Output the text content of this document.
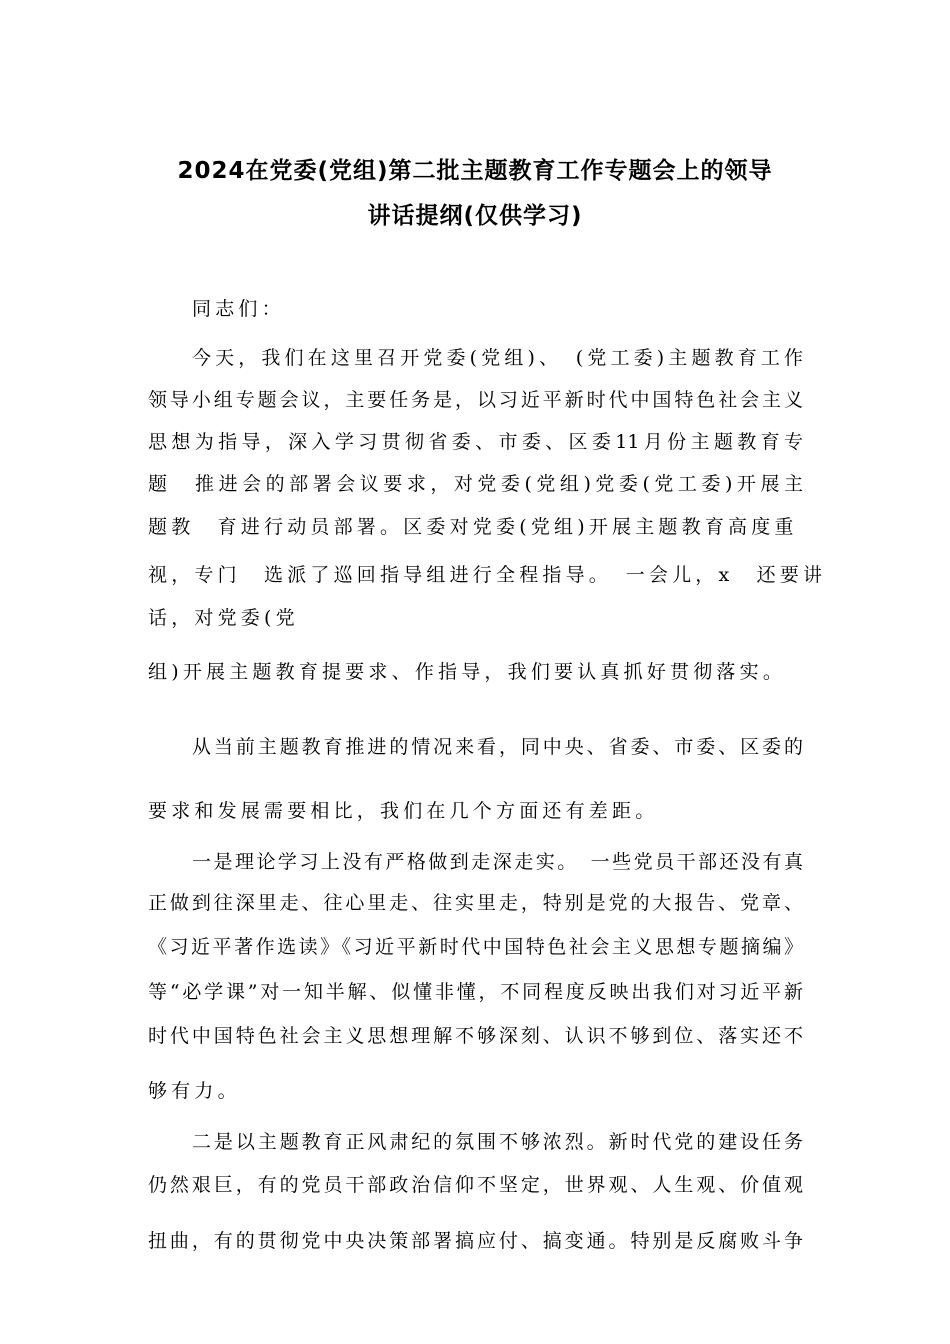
2024在党委(党组)第二批主题教育工作专题会上的领导
讲话提纲(仅供学习)
同志们：
今天，我们在这里召开党委(党组)、　(党工委)主题教育工作
领导小组专题会议，主要任务是，以习近平新时代中国特色社会主义
思想为指导，深入学习贯彻省委、市委、区委11月份主题教育专
题　推进会的部署会议要求，对党委(党组)党委(党工委)开展主
题教　育进行动员部署。区委对党委(党组)开展主题教育高度重
视，专门　选派了巡回指导组进行全程指导。　一会儿，x　还要讲
话，对党委(党
组)开展主题教育提要求、作指导，我们要认真抓好贯彻落实。
从当前主题教育推进的情况来看，同中央、省委、市委、区委的
要求和发展需要相比，我们在几个方面还有差距。
一是理论学习上没有严格做到走深走实。　一些党员干部还没有真
正做到往深里走、往心里走、往实里走，特别是党的大报告、党章、
《习近平著作选读》《习近平新时代中国特色社会主义思想专题摘编》
等“必学课”对一知半解、似懂非懂，不同程度反映出我们对习近平新
时代中国特色社会主义思想理解不够深刻、认识不够到位、落实还不
够有力。
二是以主题教育正风肃纪的氛围不够浓烈。新时代党的建设任务
仍然艰巨，有的党员干部政治信仰不坚定，世界观、人生观、价值观
扭曲，有的贯彻党中央决策部署搞应付、搞变通。特别是反腐败斗争
